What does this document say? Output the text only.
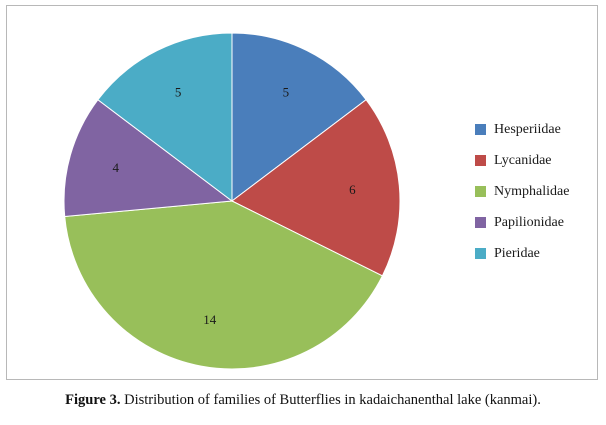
5
6
14
4
5
Hesperiidae
Lycanidae
Nymphalidae
Papilionidae
Pieridae
Figure 3. Distribution of families of Butterflies in kadaichanenthal lake (kanmai).
